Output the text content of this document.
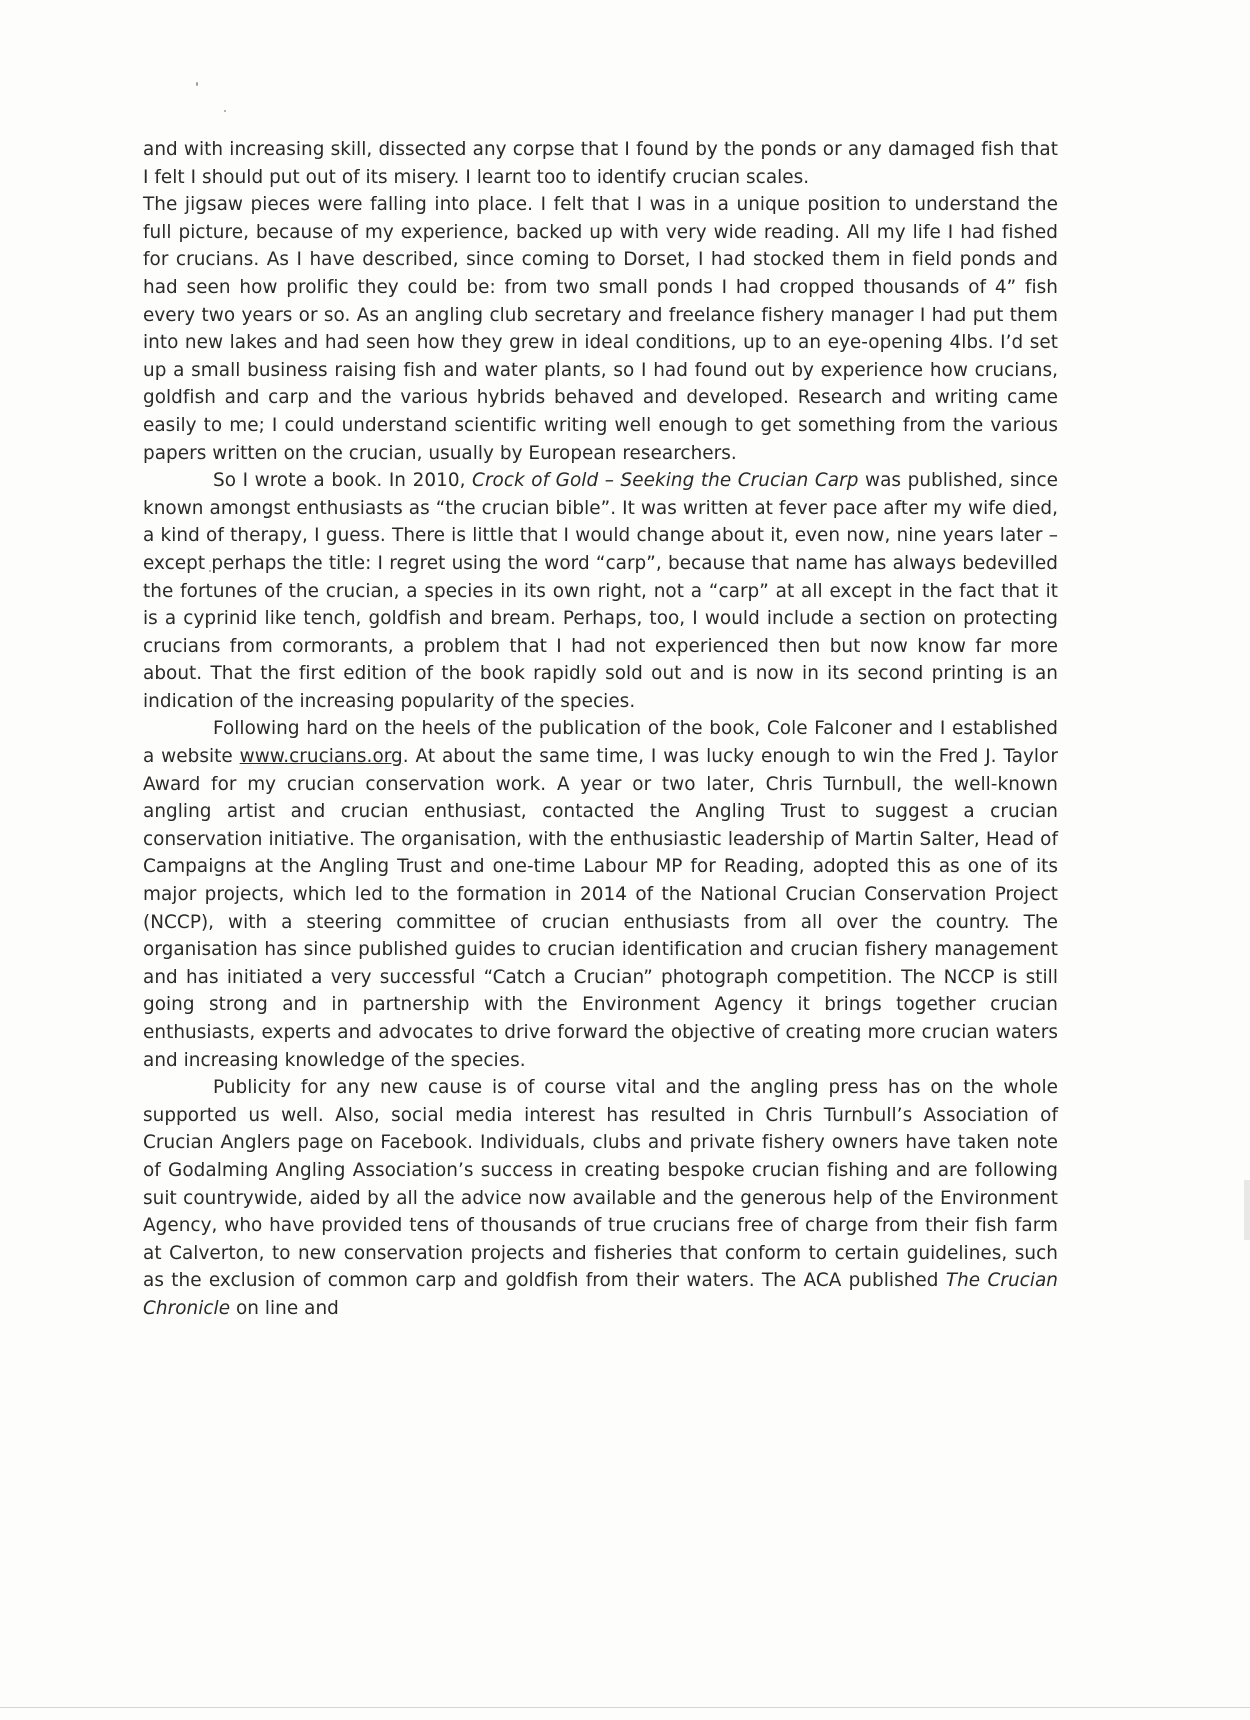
and with increasing skill, dissected any corpse that I found by the ponds or any damaged fish that I felt I should put out of its misery. I learnt too to identify crucian scales.

The jigsaw pieces were falling into place. I felt that I was in a unique position to understand the full picture, because of my experience, backed up with very wide reading. All my life I had fished for crucians. As I have described, since coming to Dorset, I had stocked them in field ponds and had seen how prolific they could be: from two small ponds I had cropped thousands of 4” fish every two years or so. As an angling club secretary and freelance fishery manager I had put them into new lakes and had seen how they grew in ideal conditions, up to an eye-opening 4lbs. I’d set up a small business raising fish and water plants, so I had found out by experience how crucians, goldfish and carp and the various hybrids behaved and developed. Research and writing came easily to me; I could understand scientific writing well enough to get something from the various papers written on the crucian, usually by European researchers.

So I wrote a book. In 2010, Crock of Gold – Seeking the Crucian Carp was published, since known amongst enthusiasts as “the crucian bible”. It was written at fever pace after my wife died, a kind of therapy, I guess. There is little that I would change about it, even now, nine years later – except perhaps the title: I regret using the word “carp”, because that name has always bedevilled the fortunes of the crucian, a species in its own right, not a “carp” at all except in the fact that it is a cyprinid like tench, goldfish and bream. Perhaps, too, I would include a section on protecting crucians from cormorants, a problem that I had not experienced then but now know far more about. That the first edition of the book rapidly sold out and is now in its second printing is an indication of the increasing popularity of the species.

Following hard on the heels of the publication of the book, Cole Falconer and I established a website www.crucians.org. At about the same time, I was lucky enough to win the Fred J. Taylor Award for my crucian conservation work. A year or two later, Chris Turnbull, the well-known angling artist and crucian enthusiast, contacted the Angling Trust to suggest a crucian conservation initiative. The organisation, with the enthusiastic leadership of Martin Salter, Head of Campaigns at the Angling Trust and one-time Labour MP for Reading, adopted this as one of its major projects, which led to the formation in 2014 of the National Crucian Conservation Project (NCCP), with a steering committee of crucian enthusiasts from all over the country. The organisation has since published guides to crucian identification and crucian fishery management and has initiated a very successful “Catch a Crucian” photograph competition. The NCCP is still going strong and in partnership with the Environment Agency it brings together crucian enthusiasts, experts and advocates to drive forward the objective of creating more crucian waters and increasing knowledge of the species.

Publicity for any new cause is of course vital and the angling press has on the whole supported us well. Also, social media interest has resulted in Chris Turnbull’s Association of Crucian Anglers page on Facebook. Individuals, clubs and private fishery owners have taken note of Godalming Angling Association’s success in creating bespoke crucian fishing and are following suit countrywide, aided by all the advice now available and the generous help of the Environment Agency, who have provided tens of thousands of true crucians free of charge from their fish farm at Calverton, to new conservation projects and fisheries that conform to certain guidelines, such as the exclusion of common carp and goldfish from their waters. The ACA published The Crucian Chronicle on line and
